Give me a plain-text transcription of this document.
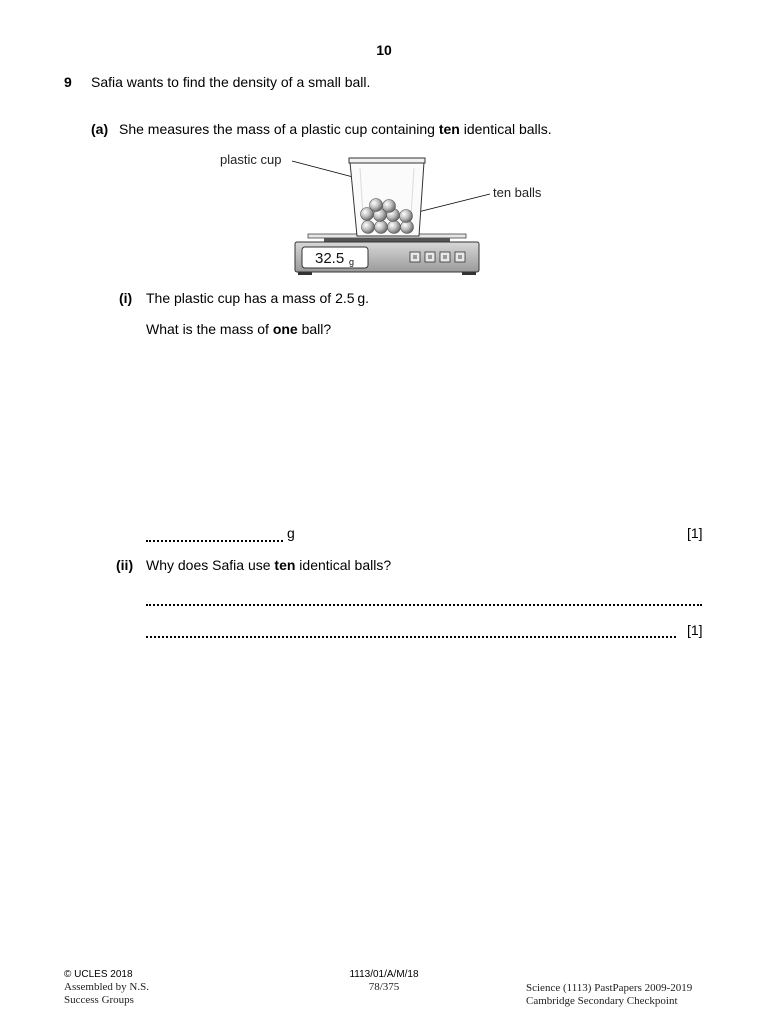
10
9 Safia wants to find the density of a small ball.
(a) She measures the mass of a plastic cup containing ten identical balls.
plastic cup
ten balls
32.5 g
(i) The plastic cup has a mass of 2.5 g.
What is the mass of one ball?
g	[1]
(ii) Why does Safia use ten identical balls?
[1]
© UCLES 2018
Assembled by N.S.
Success Groups
1113/01/A/M/18
78/375	Science (1113) PastPapers 2009-2019
Cambridge Secondary Checkpoint
